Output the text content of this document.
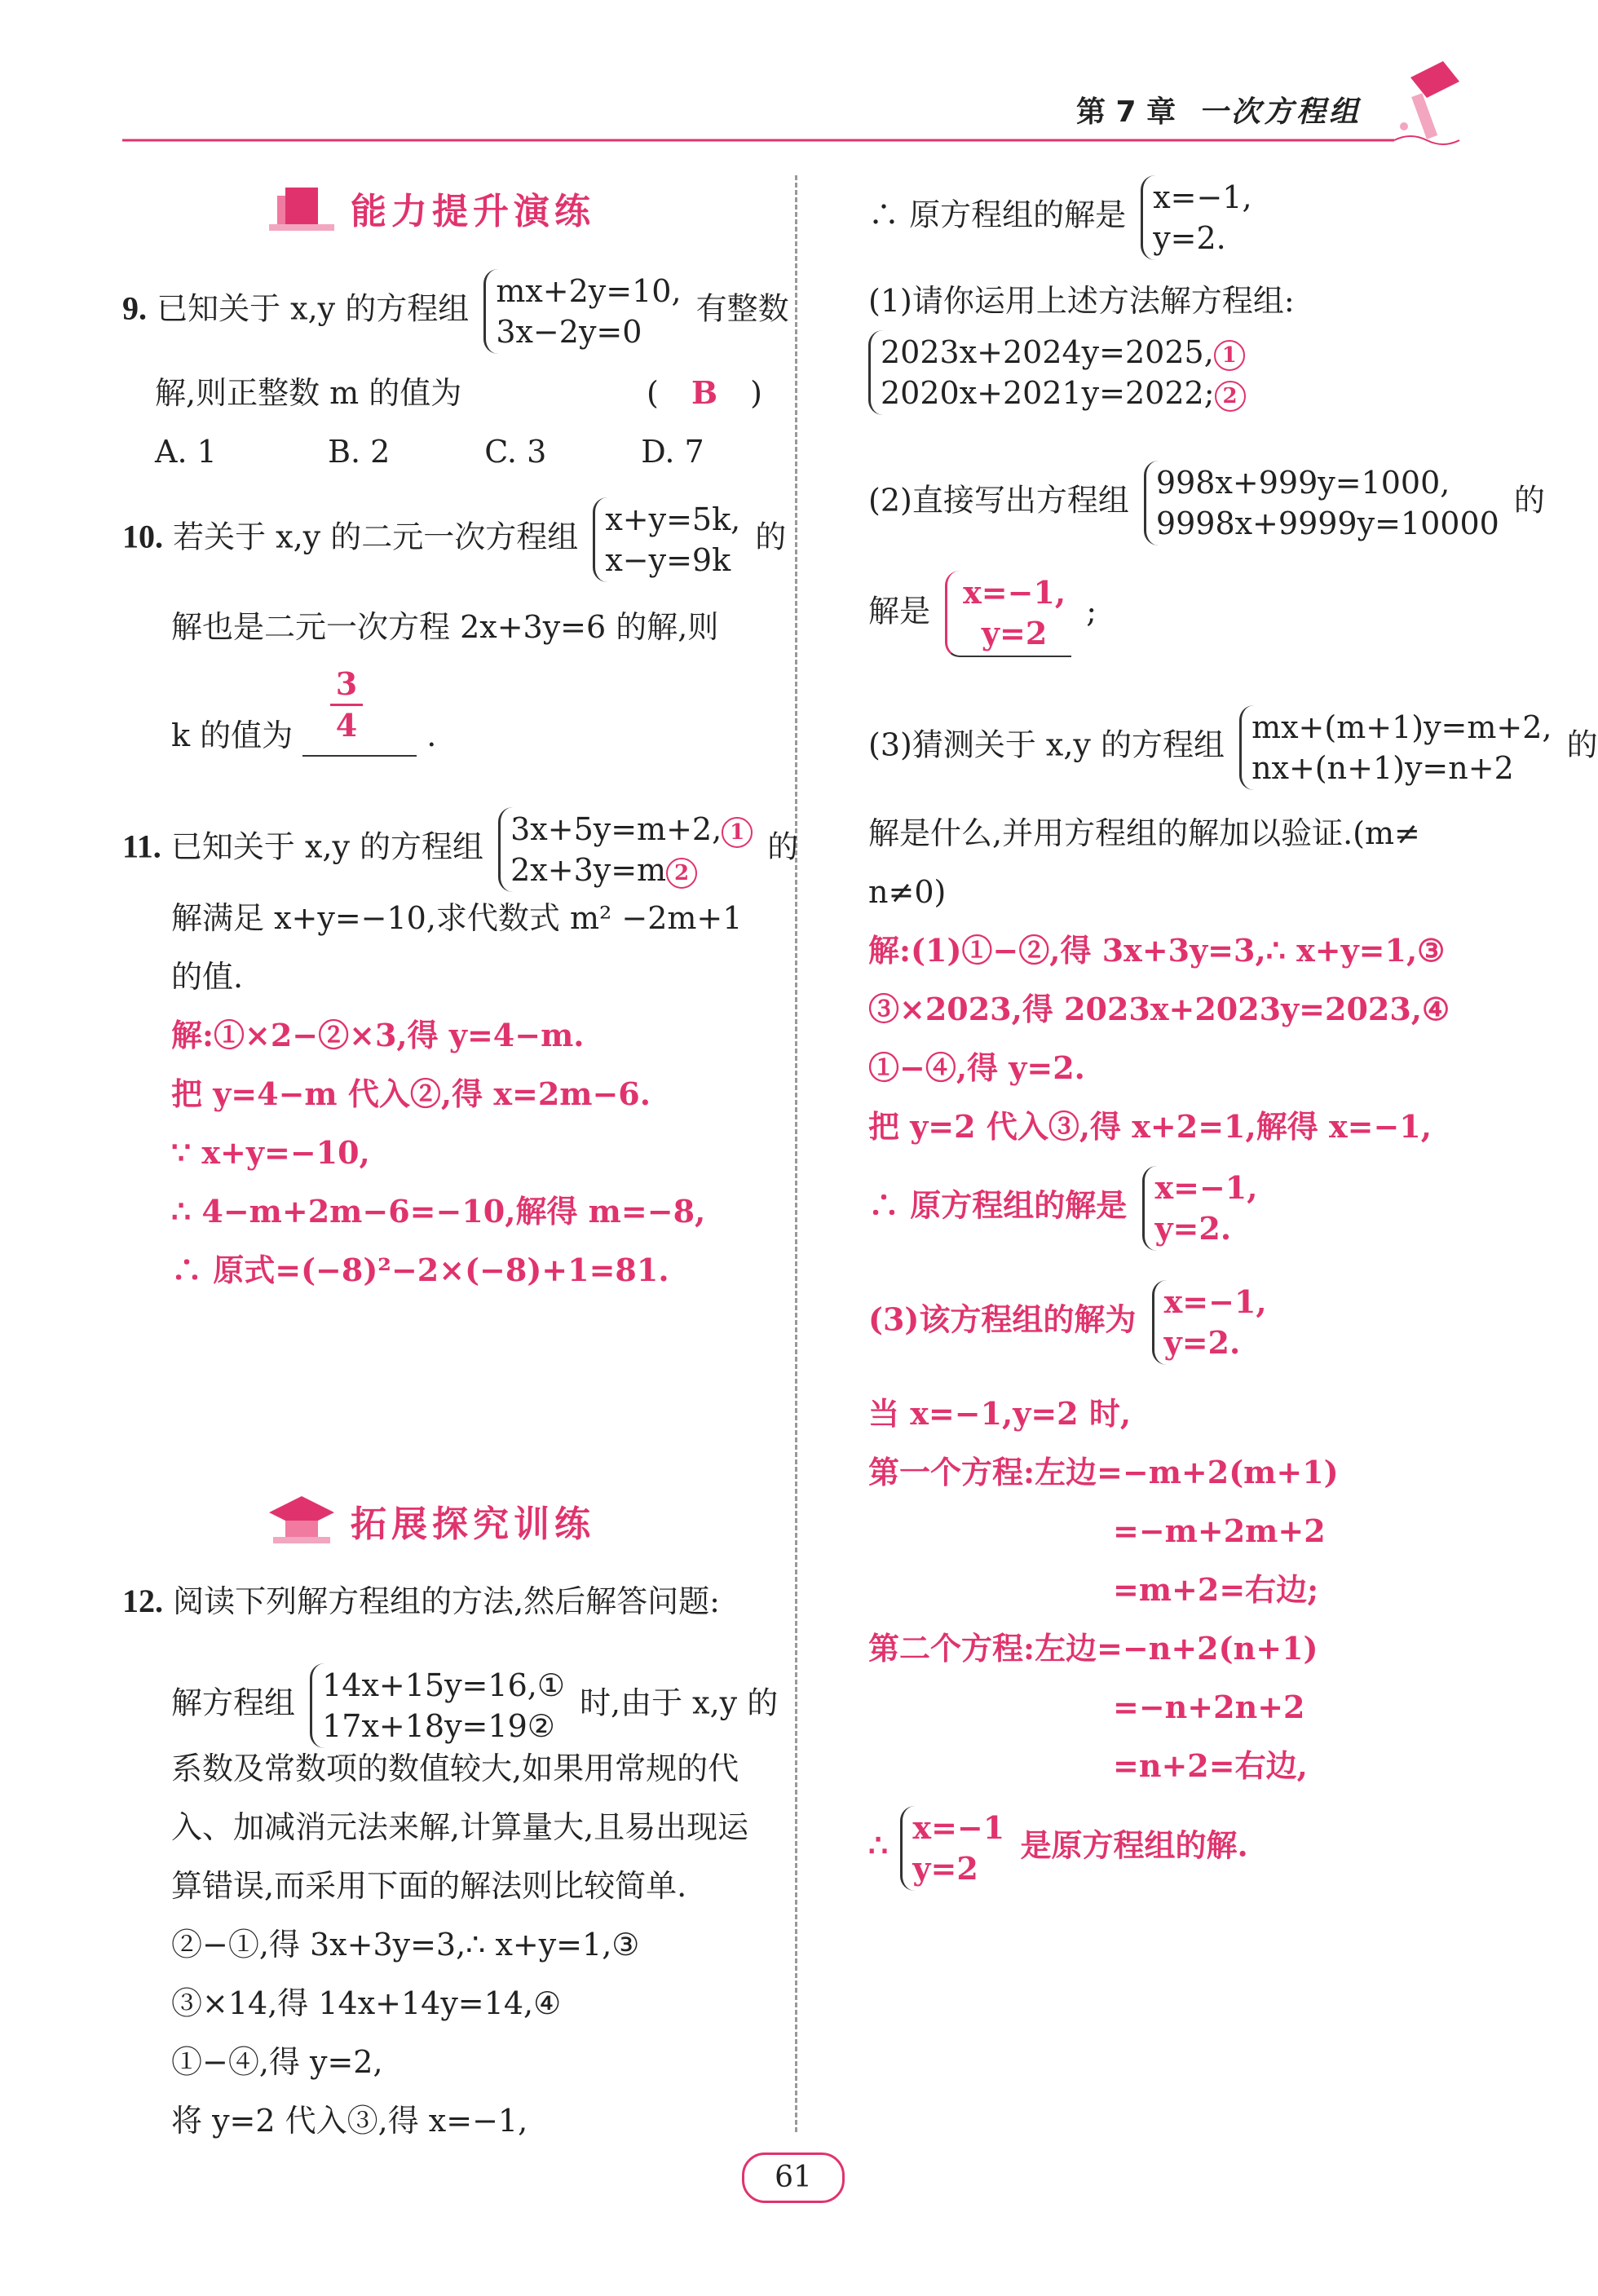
第 7 章 一次方程组
能力提升演练
9. 已知关于 x,y 的方程组 mx+2y=10,
3x−2y=0
有整数
解,则正整数 m 的值为	( B )
A. 1	B. 2	C. 3	D. 7
10. 若关于 x,y 的二元一次方程组 x+y=5k,
x−y=9k
的
解也是二元一次方程 2x+3y=6 的解,则
3
4
k 的值为	.
11. 已知关于 x,y 的方程组 3x+5y=m+2, 1
2x+3y=m 2
的
解满足 x+y=−10,求代数式 m² −2m+1
的值.
解:①×2−②×3,得 y=4−m.
把 y=4−m 代入②,得 x=2m−6.
∵ x+y=−10,
∴ 4−m+2m−6=−10,解得 m=−8,
∴ 原式=(−8)²−2×(−8)+1=81.
拓展探究训练
12. 阅读下列解方程组的方法,然后解答问题:
解方程组 14x+15y=16,①
17x+18y=19②
时,由于 x,y 的
系数及常数项的数值较大,如果用常规的代
入、加减消元法来解,计算量大,且易出现运
算错误,而采用下面的解法则比较简单.
②−①,得 3x+3y=3,∴ x+y=1,③
③×14,得 14x+14y=14,④
①−④,得 y=2,
将 y=2 代入③,得 x=−1,
∴ 原方程组的解是 x=−1,
y=2.
(1)请你运用上述方法解方程组:
2023x+2024y=2025, 1
2020x+2021y=2022; 2
(2)直接写出方程组 998x+999y=1000,
9998x+9999y=10000
的
解是
x=−1,
y=2
;
(3)猜测关于 x,y 的方程组 mx+(m+1)y=m+2,
nx+(n+1)y=n+2
的
解是什么,并用方程组的解加以验证.(m≠
n≠0)
解:(1)①−②,得 3x+3y=3,∴ x+y=1,③
③×2023,得 2023x+2023y=2023,④
①−④,得 y=2.
把 y=2 代入③,得 x+2=1,解得 x=−1,
∴ 原方程组的解是 x=−1,
y=2.
(3)该方程组的解为 x=−1,
y=2.
当 x=−1,y=2 时,
第一个方程:左边=−m+2(m+1)
=−m+2m+2
=m+2=右边;
第二个方程:左边=−n+2(n+1)
=−n+2n+2
=n+2=右边,
∴ x=−1
y=2
是原方程组的解.
61
